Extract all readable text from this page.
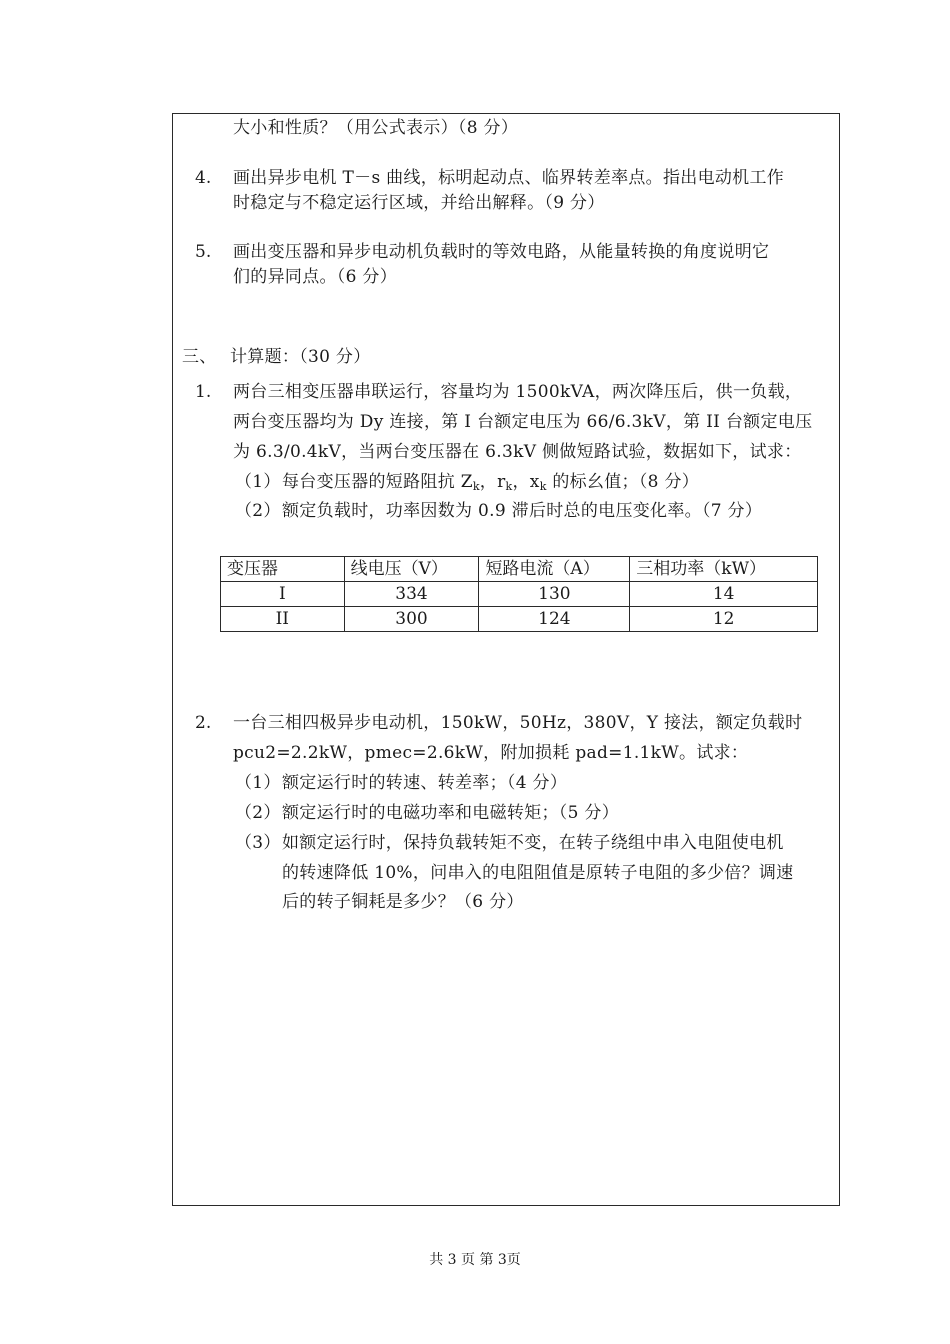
大小和性质？（用公式表示）（8 分）
4. 画出异步电机 T－s 曲线，标明起动点、临界转差率点。指出电动机工作
时稳定与不稳定运行区域，并给出解释。（9 分）
5. 画出变压器和异步电动机负载时的等效电路，从能量转换的角度说明它
们的异同点。（6 分）
三、 计算题：（30 分）
1. 两台三相变压器串联运行，容量均为 1500kVA，两次降压后，供一负载，
两台变压器均为 Dy 连接，第 I 台额定电压为 66/6.3kV，第 II 台额定电压
为 6.3/0.4kV，当两台变压器在 6.3kV 侧做短路试验，数据如下，试求：
（1） 每台变压器的短路阻抗 $Z_k$，$r_k$，$x_k$ 的标幺值；（8 分）
（2） 额定负载时，功率因数为 0.9 滞后时总的电压变化率。（7 分）
变压器	线电压（V）	短路电流（A）	三相功率（kW）
I	334	130	14
II	300	124	12
2. 一台三相四极异步电动机，150kW，50Hz，380V，Y 接法，额定负载时
pcu2=2.2kW，pmec=2.6kW，附加损耗 pad=1.1kW。试求：
（1） 额定运行时的转速、转差率；（4 分）
（2） 额定运行时的电磁功率和电磁转矩；（5 分）
（3） 如额定运行时，保持负载转矩不变，在转子绕组中串入电阻使电机
的转速降低 10%，问串入的电阻阻值是原转子电阻的多少倍？调速
后的转子铜耗是多少？（6 分）
共 3 页 第 3页
